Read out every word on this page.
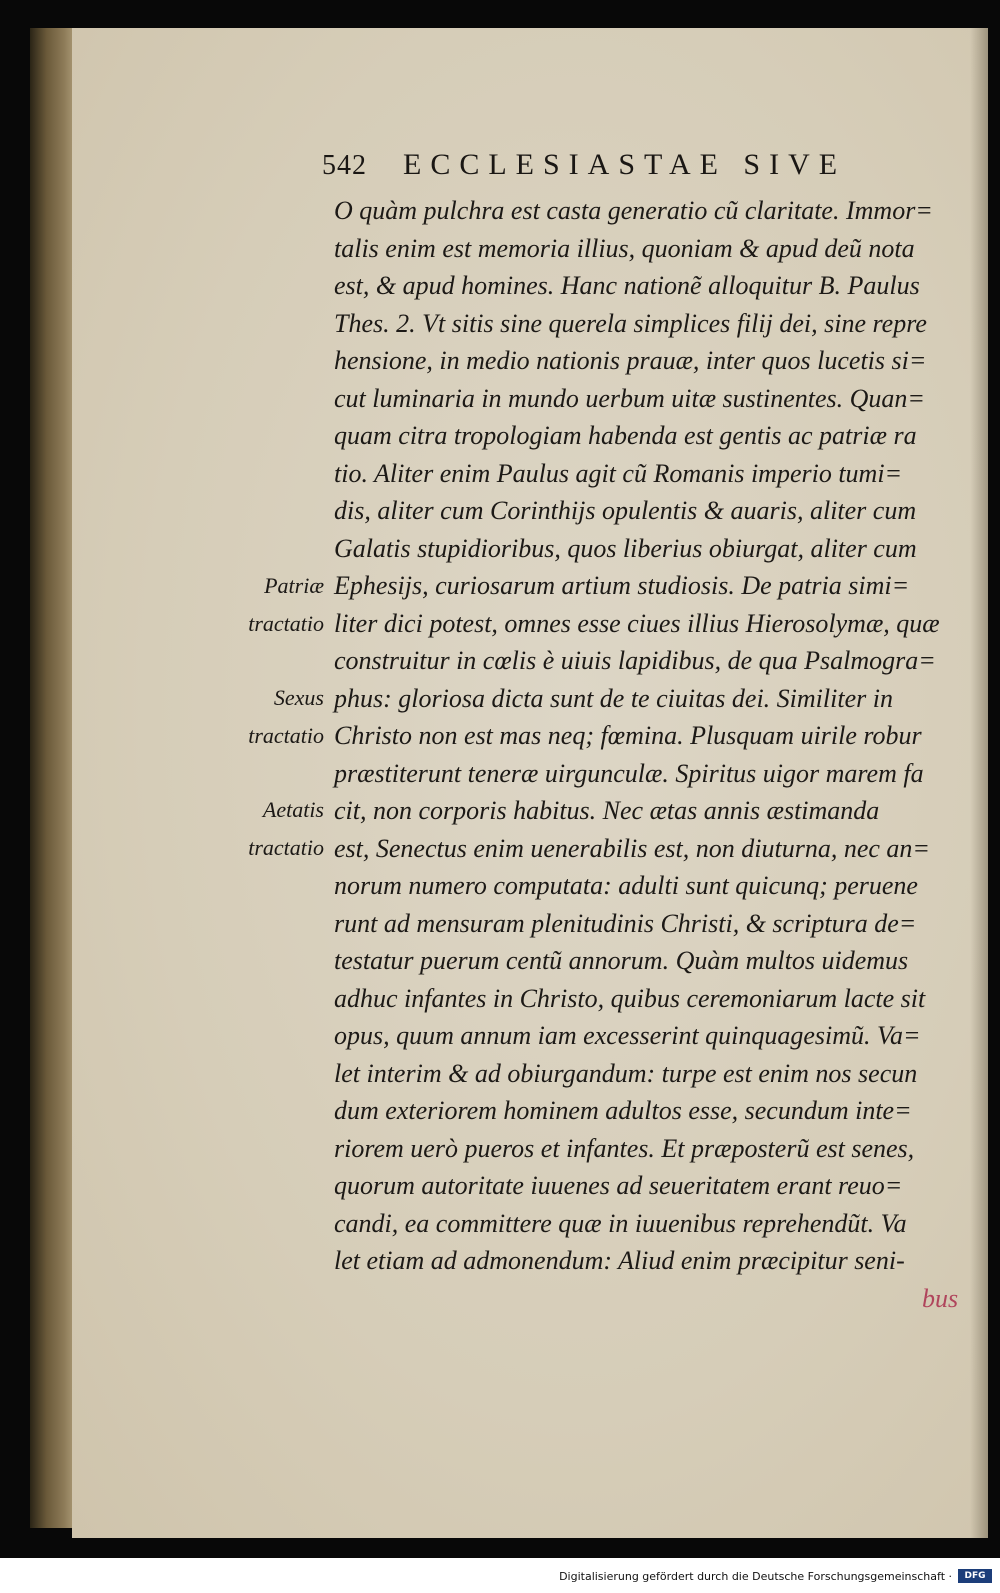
542 ECCLESIASTAE SIVE
Patriæ
tractatio
Sexus
tractatio
Aetatis
tractatio
O quàm pulchra est casta generatio cũ claritate. Immor=
talis enim est memoria illius, quoniam & apud deũ nota
est, & apud homines. Hanc nationẽ alloquitur B. Paulus
Thes. 2. Vt sitis sine querela simplices filij dei, sine repre
hensione, in medio nationis prauæ, inter quos lucetis si=
cut luminaria in mundo uerbum uitæ sustinentes. Quan=
quam citra tropologiam habenda est gentis ac patriæ ra
tio. Aliter enim Paulus agit cũ Romanis imperio tumi=
dis, aliter cum Corinthijs opulentis & auaris, aliter cum
Galatis stupidioribus, quos liberius obiurgat, aliter cum
Ephesijs, curiosarum artium studiosis. De patria simi=
liter dici potest, omnes esse ciues illius Hierosolymæ, quæ
construitur in cœlis è uiuis lapidibus, de qua Psalmogra=
phus: gloriosa dicta sunt de te ciuitas dei. Similiter in
Christo non est mas neq; fœmina. Plusquam uirile robur
præstiterunt teneræ uirgunculæ. Spiritus uigor marem fa
cit, non corporis habitus. Nec ætas annis æstimanda
est, Senectus enim uenerabilis est, non diuturna, nec an=
norum numero computata: adulti sunt quicunq; peruene
runt ad mensuram plenitudinis Christi, & scriptura de=
testatur puerum centũ annorum. Quàm multos uidemus
adhuc infantes in Christo, quibus ceremoniarum lacte sit
opus, quum annum iam excesserint quinquagesimũ. Va=
let interim & ad obiurgandum: turpe est enim nos secun
dum exteriorem hominem adultos esse, secundum inte=
riorem uerò pueros et infantes. Et præposterũ est senes,
quorum autoritate iuuenes ad seueritatem erant reuo=
candi, ea committere quæ in iuuenibus reprehendũt. Va
let etiam ad admonendum: Aliud enim præcipitur seni-
bus
Digitalisierung gefördert durch die Deutsche Forschungsgemeinschaft ·	DFG
